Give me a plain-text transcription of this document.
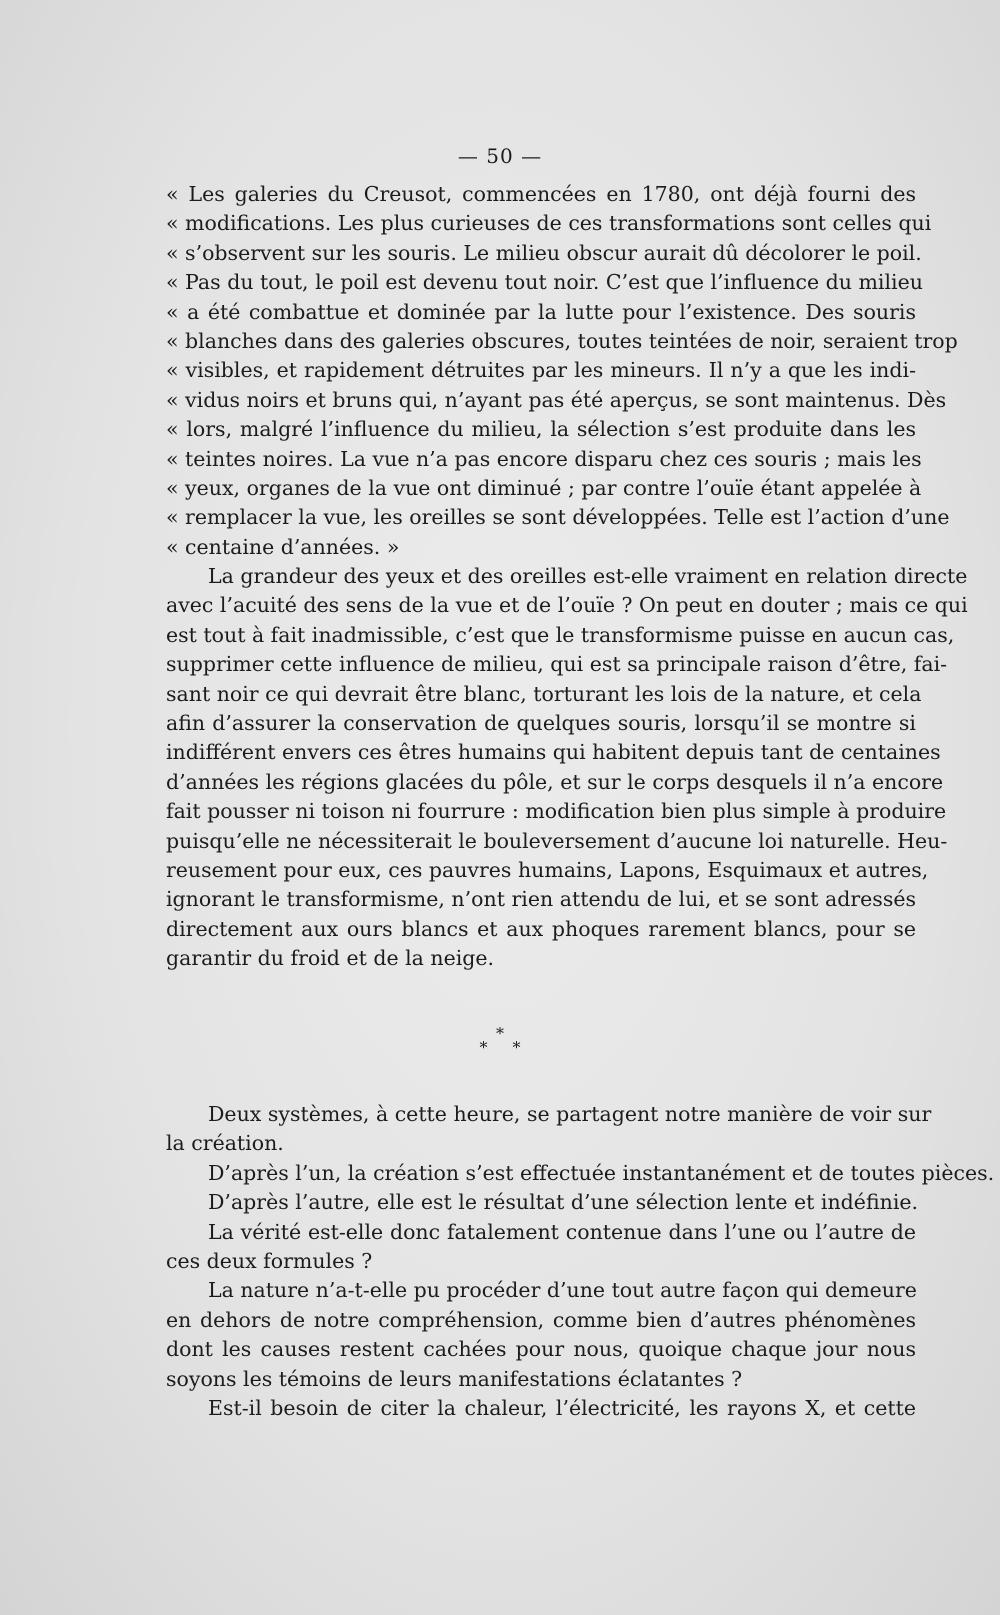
— 50 —
« Les galeries du Creusot, commencées en 1780, ont déjà fourni des
« modifications. Les plus curieuses de ces transformations sont celles qui
« s’observent sur les souris. Le milieu obscur aurait dû décolorer le poil.
« Pas du tout, le poil est devenu tout noir. C’est que l’influence du milieu
« a été combattue et dominée par la lutte pour l’existence. Des souris
« blanches dans des galeries obscures, toutes teintées de noir, seraient trop
« visibles, et rapidement détruites par les mineurs. Il n’y a que les indi-
« vidus noirs et bruns qui, n’ayant pas été aperçus, se sont maintenus. Dès
« lors, malgré l’influence du milieu, la sélection s’est produite dans les
« teintes noires. La vue n’a pas encore disparu chez ces souris ; mais les
« yeux, organes de la vue ont diminué ; par contre l’ouïe étant appelée à
« remplacer la vue, les oreilles se sont développées. Telle est l’action d’une
« centaine d’années. »
La grandeur des yeux et des oreilles est-elle vraiment en relation directe
avec l’acuité des sens de la vue et de l’ouïe ? On peut en douter ; mais ce qui
est tout à fait inadmissible, c’est que le transformisme puisse en aucun cas,
supprimer cette influence de milieu, qui est sa principale raison d’être, fai-
sant noir ce qui devrait être blanc, torturant les lois de la nature, et cela
afin d’assurer la conservation de quelques souris, lorsqu’il se montre si
indifférent envers ces êtres humains qui habitent depuis tant de centaines
d’années les régions glacées du pôle, et sur le corps desquels il n’a encore
fait pousser ni toison ni fourrure : modification bien plus simple à produire
puisqu’elle ne nécessiterait le bouleversement d’aucune loi naturelle. Heu-
reusement pour eux, ces pauvres humains, Lapons, Esquimaux et autres,
ignorant le transformisme, n’ont rien attendu de lui, et se sont adressés
directement aux ours blancs et aux phoques rarement blancs, pour se
garantir du froid et de la neige.
*
* *
Deux systèmes, à cette heure, se partagent notre manière de voir sur
la création.
D’après l’un, la création s’est effectuée instantanément et de toutes pièces.
D’après l’autre, elle est le résultat d’une sélection lente et indéfinie.
La vérité est-elle donc fatalement contenue dans l’une ou l’autre de
ces deux formules ?
La nature n’a-t-elle pu procéder d’une tout autre façon qui demeure
en dehors de notre compréhension, comme bien d’autres phénomènes
dont les causes restent cachées pour nous, quoique chaque jour nous
soyons les témoins de leurs manifestations éclatantes ?
Est-il besoin de citer la chaleur, l’électricité, les rayons X, et cette
